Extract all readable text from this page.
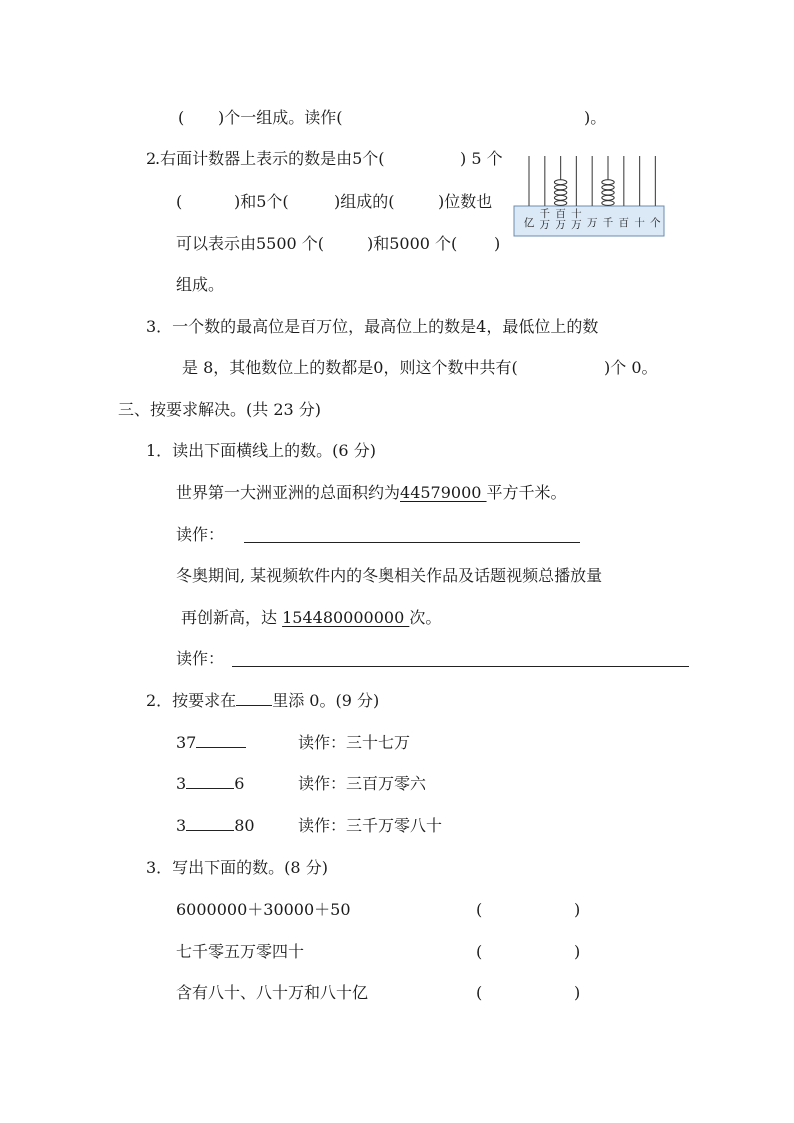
( )个一组成。读作(	)。
2
.右面计数器上表示的数是由5个(	) 5 个
(	)和5个(	)组成的(	)位数也
可以表示由5500 个(	)和5000 个( )
组成。
亿
千
万
百
万
十
万 万 千 百 十 个
3．一个数的最高位是百万位，最高位上的数是4，最低位上的数
是 8，其他数位上的数都是0，则这个数中共有(	)个 0。
三、按要求解决。(共 23 分)
1．读出下面横线上的数。(6 分)
世界第一大洲亚洲的总面积约为44579000 平方千米。
读作：
冬奥期间, 某视频软件内的冬奥相关作品及话题视频总播放量
再创新高，达 154480000000 次。
读作：
2．按要求在 里添 0。(9 分)
37	读作：三十七万
3	6	读作：三百万零六
3	80	读作：三千万零八十
3．写出下面的数。(8 分)
6000000＋30000＋50	(	)
七千零五万零四十	(	)
含有八十、八十万和八十亿	(	)
